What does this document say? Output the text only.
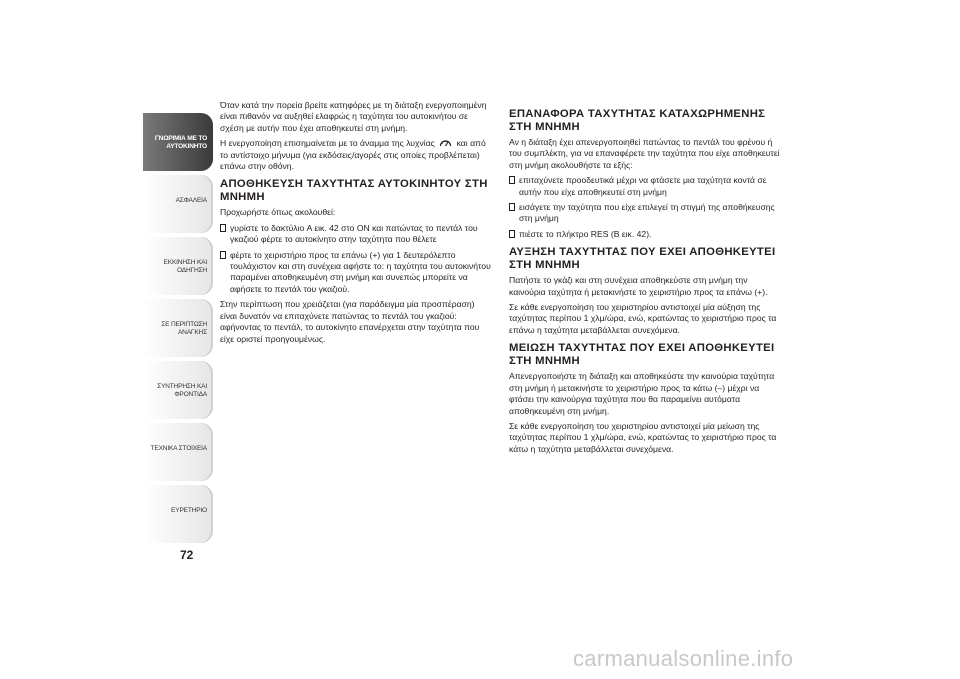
ΓΝΩΡΙΜΙΑ ΜΕ ΤΟ
ΑΥΤΟΚΙΝΗΤΟ
ΑΣΦΑΛΕΙΑ
ΕΚΚΙΝΗΣΗ ΚΑΙ
ΟΔΗΓΗΣΗ
ΣΕ ΠΕΡΙΠΤΩΣΗ
ΑΝΑΓΚΗΣ
ΣΥΝΤΗΡΗΣΗ ΚΑΙ
ΦΡΟΝΤΙΔΑ
ΤΕΧΝΙΚΑ ΣΤΟΙΧΕΙΑ
ΕΥΡΕΤΗΡΙΟ
72

Όταν κατά την πορεία βρείτε κατηφόρες με τη διάταξη ενεργοποιημένη είναι πιθανόν να αυξηθεί ελαφρώς η ταχύτητα του αυτοκινήτου σε σχέση με αυτήν που έχει αποθηκευτεί στη μνήμη.

Η ενεργοποίηση επισημαίνεται με το άναμμα της λυχνίας	και από το αντίστοιχο μήνυμα (για εκδόσεις/αγορές στις οποίες προβλέπεται) επάνω στην οθόνη.

ΑΠΟΘΗΚΕΥΣΗ ΤΑΧΥΤΗΤΑΣ ΑΥΤΟΚΙΝΗΤΟΥ ΣΤΗ ΜΝΗΜΗ

Προχωρήστε όπως ακολουθεί:

γυρίστε το δακτύλιο A εικ. 42 στο ON και πατώντας το πεντάλ του γκαζιού φέρτε το αυτοκίνητο στην ταχύτητα που θέλετε
φέρτε το χειριστήριο προς τα επάνω (+) για 1 δευτερόλεπτο τουλάχιστον και στη συνέχεια αφήστε το: η ταχύτητα του αυτοκινήτου παραμένει αποθηκευμένη στη μνήμη και συνεπώς μπορείτε να αφήσετε το πεντάλ του γκαζιού.

Στην περίπτωση που χρειάζεται (για παράδειγμα μία προσπέραση) είναι δυνατόν να επιταχύνετε πατώντας το πεντάλ του γκαζιού: αφήνοντας το πεντάλ, το αυτοκίνητο επανέρχεται στην ταχύτητα που είχε οριστεί προηγουμένως.

ΕΠΑΝΑΦΟΡΑ ΤΑΧΥΤΗΤΑΣ ΚΑΤΑΧΩΡΗΜΕΝΗΣ ΣΤΗ ΜΝΗΜΗ

Αν η διάταξη έχει απενεργοποιηθεί πατώντας το πεντάλ του φρένου ή του συμπλέκτη, για να επαναφέρετε την ταχύτητα που είχε αποθηκευτεί στη μνήμη ακολουθήστε τα εξής:

επιταχύνετε προοδευτικά μέχρι να φτάσετε μια ταχύτητα κοντά σε αυτήν που είχε αποθηκευτεί στη μνήμη
εισάγετε την ταχύτητα που είχε επιλεγεί τη στιγμή της αποθήκευσης στη μνήμη
πιέστε το πλήκτρο RES (B εικ. 42).
ΑΥΞΗΣΗ ΤΑΧΥΤΗΤΑΣ ΠΟΥ ΕΧΕΙ ΑΠΟΘΗΚΕΥΤΕΙ ΣΤΗ ΜΝΗΜΗ

Πατήστε το γκάζι και στη συνέχεια αποθηκεύστε στη μνήμη την καινούρια ταχύτητα ή μετακινήστε το χειριστήριο προς τα επάνω (+).

Σε κάθε ενεργοποίηση του χειριστηρίου αντιστοιχεί μία αύξηση της ταχύτητας περίπου 1 χλμ/ώρα, ενώ, κρατώντας το χειριστήριο προς τα επάνω η ταχύτητα μεταβάλλεται συνεχόμενα.

ΜΕΙΩΣΗ ΤΑΧΥΤΗΤΑΣ ΠΟΥ ΕΧΕΙ ΑΠΟΘΗΚΕΥΤΕΙ ΣΤΗ ΜΝΗΜΗ

Απενεργοποιήστε τη διάταξη και αποθηκεύστε την καινούρια ταχύτητα στη μνήμη ή μετακινήστε το χειριστήριο προς τα κάτω (–) μέχρι να φτάσει την καινούργια ταχύτητα που θα παραμείνει αυτόματα αποθηκευμένη στη μνήμη.

Σε κάθε ενεργοποίηση του χειριστηρίου αντιστοιχεί μία μείωση της ταχύτητας περίπου 1 χλμ/ώρα, ενώ, κρατώντας το χειριστήριο προς τα κάτω η ταχύτητα μεταβάλλεται συνεχόμενα.

carmanualsonline.info
